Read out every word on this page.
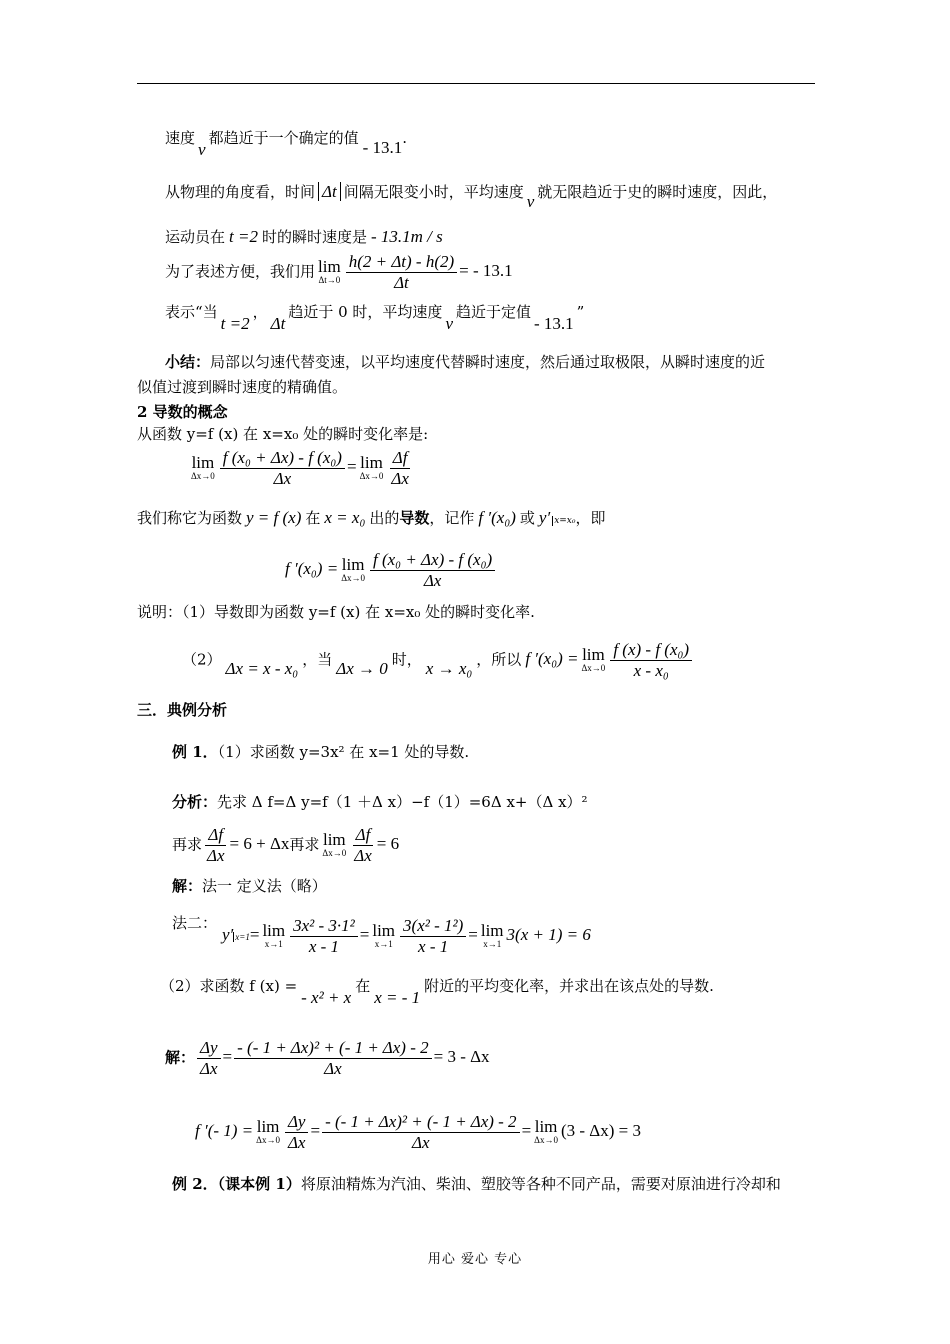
速度v都趋近于一个确定的值 - 13.1.
从物理的角度看，时间 Δt 间隔无限变小时，平均速度 v 就无限趋近于史的瞬时速度，因此，
运动员在 t =2 时的瞬时速度是 - 13.1m / s
为了表述方便，我们用 lim
$\Delta t\to 0 \frac{h(2 + \Delta t) - h(2)}{\Delta t}$ = - 13.1
表示“当t =2，Δt趋近于 0 时，平均速度v趋近于定值- 13.1”
小结：局部以匀速代替变速，以平均速度代替瞬时速度，然后通过取极限，从瞬时速度的近
似值过渡到瞬时速度的精确值。
2 导数的概念
从函数 y=f (x) 在 x=x₀ 处的瞬时变化率是:
lim
$\Delta x\to 0 \frac{\text{f (x₀ + Δx) - f (x₀)}}{\Delta x} = \lim$
$\Delta x\to 0 \frac{\Delta f}{\Delta x}$
我们称它为函数 y = f (x) 在 x = x₀ 出的导数，记作 f ′(x₀) 或 y′ x=x₀，即
f ′(x₀) = lim
$\Delta x\to 0 \frac{\text{f (x₀ + Δx) - f (x₀)}}{\Delta x}$
说明：（1）导数即为函数 y=f (x) 在 x=x₀ 处的瞬时变化率.
（2） Δx = x - x₀ ，当 Δx → 0 时， x → x₀ ，所以 f ′(x₀) = lim
$\Delta x\to 0 \frac{\text{f (x) - f (x₀)}}{\text{x - x₀}}$
三．典例分析
例 1．（1）求函数 y=3x² 在 x=1 处的导数.
分析：先求 Δ f=Δ y=f（1 ＋Δ x）−f（1）=6Δ x+（Δ x）²
再求 $\frac{\Delta f}{\Delta x} = 6 + \Delta x$再求 lim
$\Delta x\to 0 \frac{\Delta f}{\Delta x} = 6$
解：法一 定义法（略）
法二：
y′ x=1= lim
$x\to 1 \frac{\text{3x² - 3·1²}}{x - 1} = \lim$
$x\to 1 \frac{\text{3(x² - 1²)}}{x - 1} = \lim$
x→1 3(x + 1) = 6
（2）求函数 f (x) =- x² + x在x = - 1附近的平均变化率，并求出在该点处的导数.
解： $\frac{\Delta y}{\Delta x} = \frac{\text{- (- 1 + Δx)² + (- 1 + Δx) - 2}}{\Delta x} = 3 - \Delta x$
f ′(- 1) = lim
$\Delta x\to 0 \frac{\Delta y}{\Delta x} = \frac{\text{- (- 1 + Δx)² + (- 1 + Δx) - 2}}{\Delta x} = \lim$
Δx→0 (3 - Δx) = 3
例 2．（课本例 1）将原油精炼为汽油、柴油、塑胶等各种不同产品，需要对原油进行冷却和
用心 爱心 专心
